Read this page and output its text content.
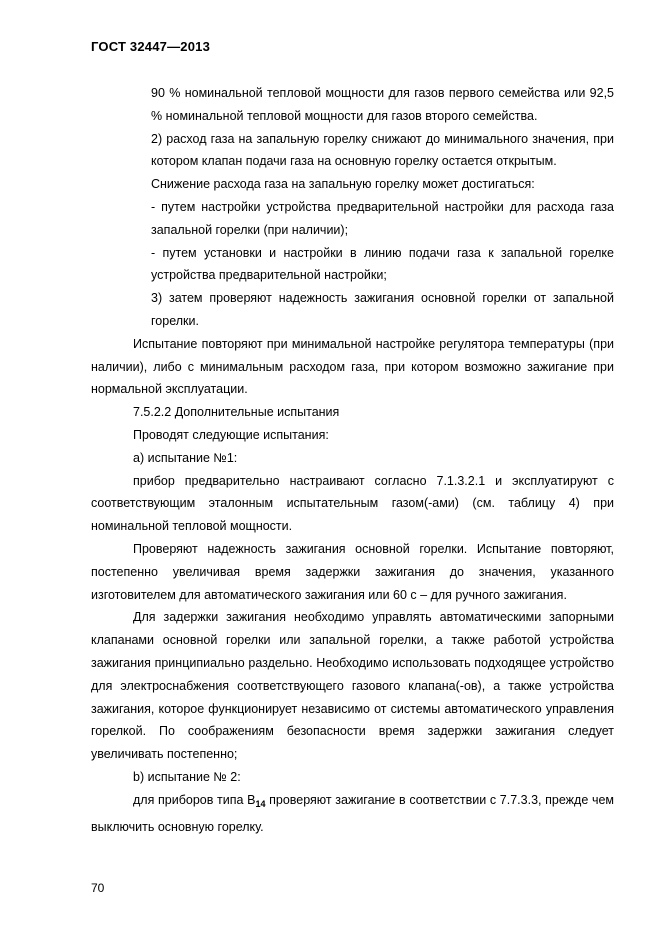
ГОСТ 32447—2013

90 % номинальной тепловой мощности для газов первого семейства или 92,5 % номинальной тепловой мощности для газов второго семейства.

2) расход газа на запальную горелку снижают до минимального значения, при котором клапан подачи газа на основную горелку остается открытым.

Снижение расхода газа на запальную горелку может достигаться:

- путем настройки устройства предварительной настройки для расхода газа запальной горелки (при наличии);

- путем установки и настройки в линию подачи газа к запальной горелке устройства предварительной настройки;

3) затем проверяют надежность зажигания основной горелки от запальной горелки.

Испытание повторяют при минимальной настройке регулятора температуры (при наличии), либо с минимальным расходом газа, при котором возможно зажигание при нормальной эксплуатации.

7.5.2.2 Дополнительные испытания

Проводят следующие испытания:

a) испытание №1:

прибор предварительно настраивают согласно 7.1.3.2.1 и эксплуатируют с соответствующим эталонным испытательным газом(-ами) (см. таблицу 4) при номинальной тепловой мощности.

Проверяют надежность зажигания основной горелки. Испытание повторяют, постепенно увеличивая время задержки зажигания до значения, указанного изготовителем для автоматического зажигания или 60 с – для ручного зажигания.

Для задержки зажигания необходимо управлять автоматическими запорными клапанами основной горелки или запальной горелки, а также работой устройства зажигания принципиально раздельно. Необходимо использовать подходящее устройство для электроснабжения соответствующего газового клапана(-ов), а также устройства зажигания, которое функционирует независимо от системы автоматического управления горелкой. По соображениям безопасности время задержки зажигания следует увеличивать постепенно;

b) испытание № 2:

для приборов типа $B_{14}$ проверяют зажигание в соответствии с 7.7.3.3, прежде чем выключить основную горелку.

70
